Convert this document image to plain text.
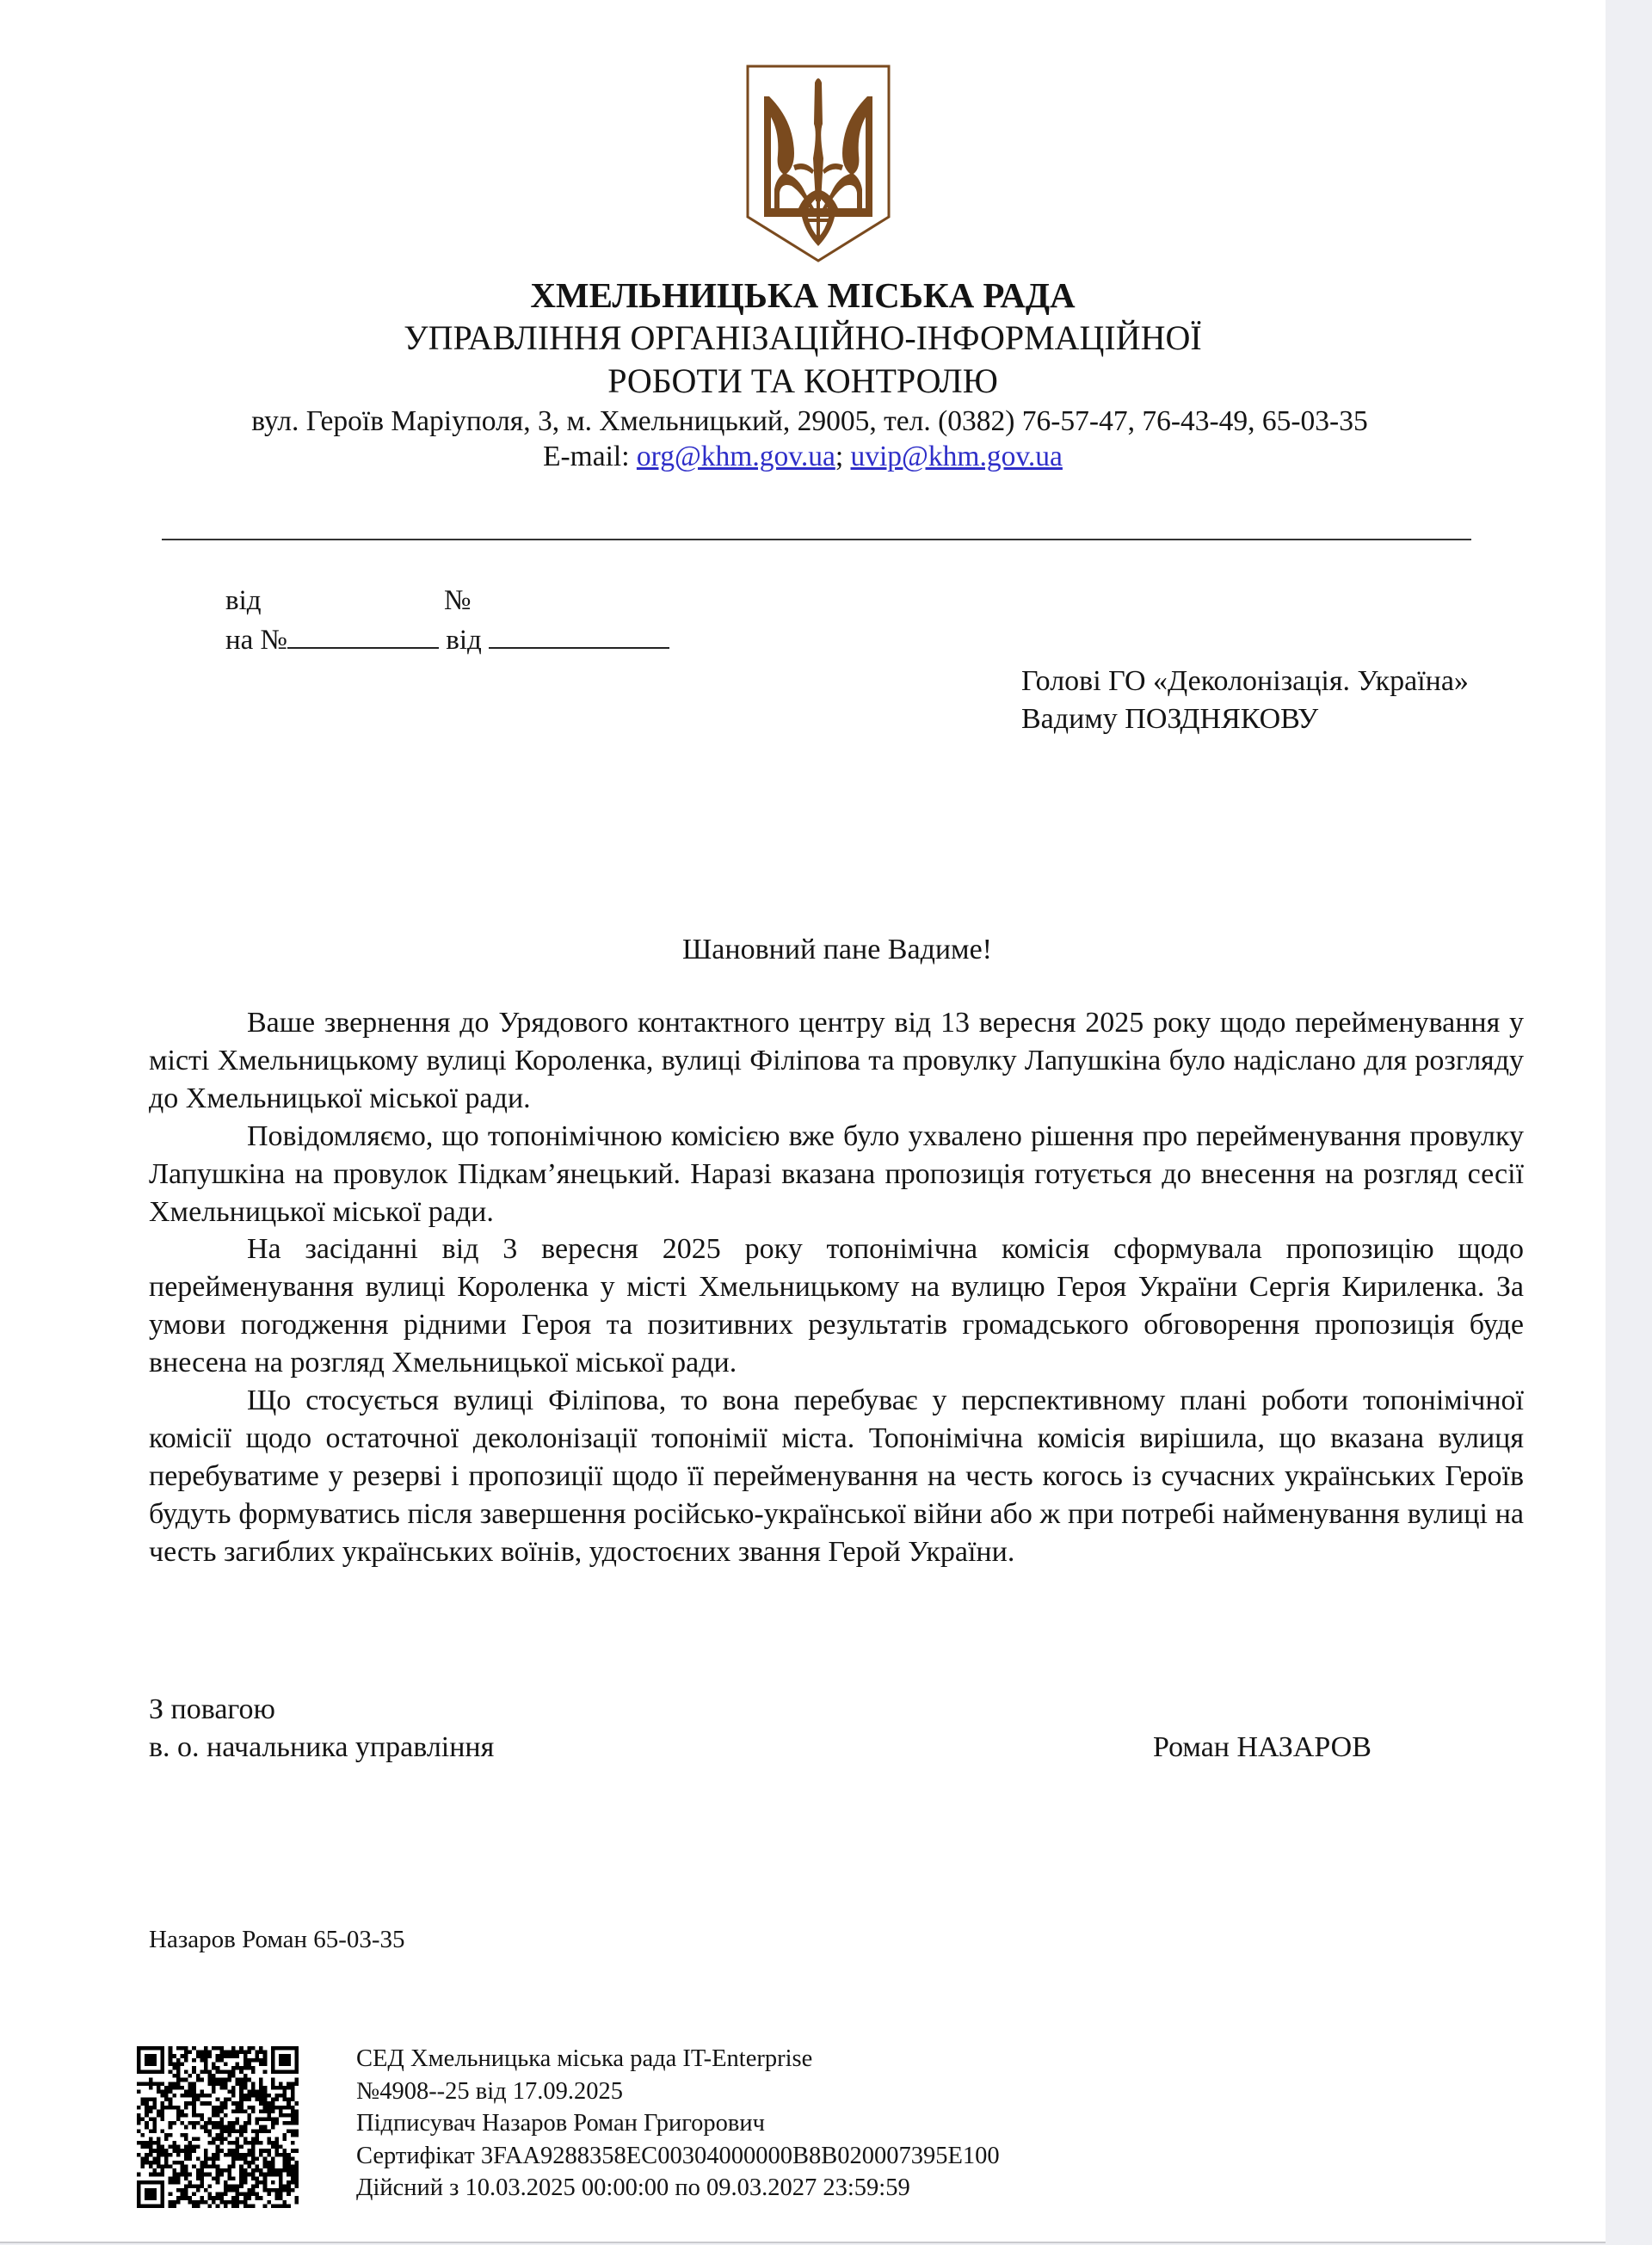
ХМЕЛЬНИЦЬКА МІСЬКА РАДА
УПРАВЛІННЯ ОРГАНІЗАЦІЙНО-ІНФОРМАЦІЙНОЇ
РОБОТИ ТА КОНТРОЛЮ
вул. Героїв Маріуполя, 3, м. Хмельницький, 29005, тел. (0382) 76-57-47, 76-43-49, 65-03-35
E-mail: org@khm.gov.ua; uvip@khm.gov.ua
від	№
на №	від
Голові ГО «Деколонізація. Україна»
Вадиму ПОЗДНЯКОВУ
Шановний пане Вадиме!

Ваше звернення до Урядового контактного центру від 13 вересня 2025 року щодо перейменування у місті Хмельницькому вулиці Короленка, вулиці Філіпова та провулку Лапушкіна було надіслано для розгляду до Хмельницької міської ради.

Повідомляємо, що топонімічною комісією вже було ухвалено рішення про перейменування провулку Лапушкіна на провулок Підкам’янецький. Наразі вказана пропозиція готується до внесення на розгляд сесії Хмельницької міської ради.

На засіданні від 3 вересня 2025 року топонімічна комісія сформувала пропозицію щодо перейменування вулиці Короленка у місті Хмельницькому на вулицю Героя України Сергія Кириленка. За умови погодження рідними Героя та позитивних результатів громадського обговорення пропозиція буде внесена на розгляд Хмельницької міської ради.

Що стосується вулиці Філіпова, то вона перебуває у перспективному плані роботи топонімічної комісії щодо остаточної деколонізації топонімії міста. Топонімічна комісія вирішила, що вказана вулиця перебуватиме у резерві і пропозиції щодо її перейменування на честь когось із сучасних українських Героїв будуть формуватись після завершення російсько-української війни або ж при потребі найменування вулиці на честь загиблих українських воїнів, удостоєних звання Герой України.

З повагою
в. о. начальника управління	Роман НАЗАРОВ
Назаров Роман 65-03-35
СЕД Хмельницька міська рада IT-Enterprise
№4908--25 від 17.09.2025
Підписувач Назаров Роман Григорович
Сертифікат 3FAA9288358EC00304000000B8B020007395E100
Дійсний з 10.03.2025 00:00:00 по 09.03.2027 23:59:59
